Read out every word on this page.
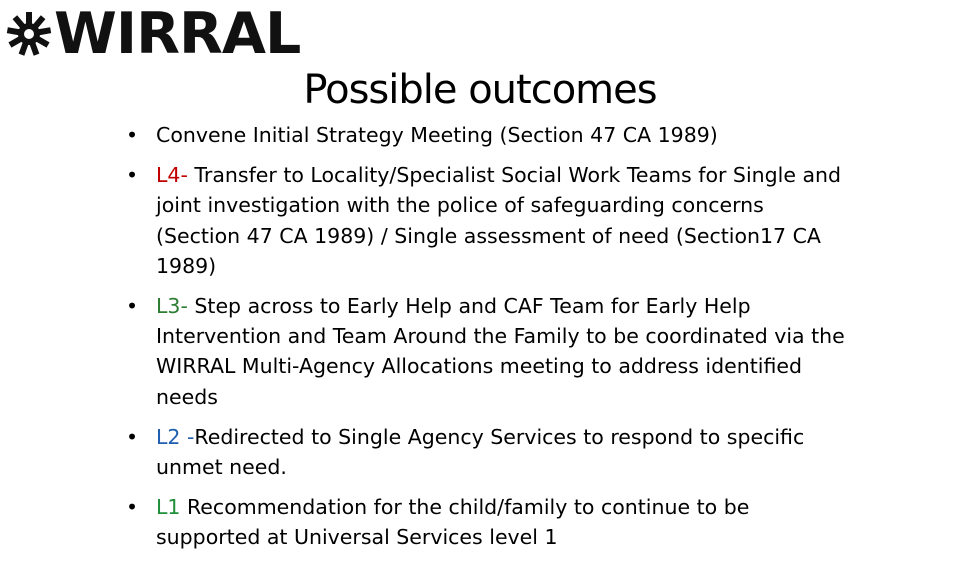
WIRRAL
Possible outcomes
• Convene Initial Strategy Meeting (Section 47 CA 1989)
• L4- Transfer to Locality/Specialist Social Work Teams for Single and joint investigation with the police of safeguarding concerns (Section 47 CA 1989) / Single assessment of need (Section17 CA 1989)
• L3- Step across to Early Help and CAF Team for Early Help Intervention and Team Around the Family to be coordinated via the WIRRAL Multi-Agency Allocations meeting to address identified needs
• L2 -Redirected to Single Agency Services to respond to specific unmet need.
• L1 Recommendation for the child/family to continue to be supported at Universal Services level 1
